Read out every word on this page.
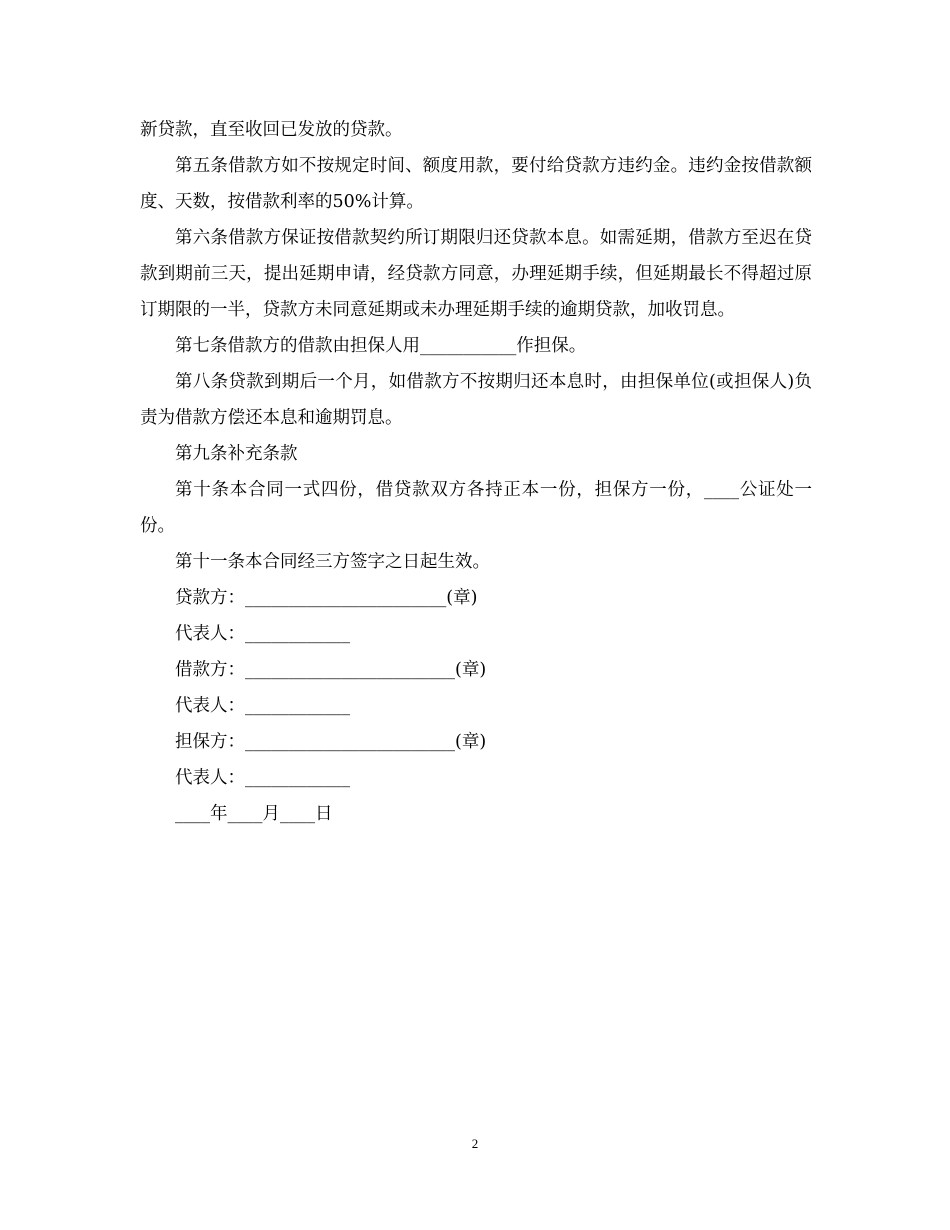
新贷款，直至收回已发放的贷款。

第五条借款方如不按规定时间、额度用款，要付给贷款方违约金。违约金按借款额度、天数，按借款利率的50%计算。

第六条借款方保证按借款契约所订期限归还贷款本息。如需延期，借款方至迟在贷款到期前三天，提出延期申请，经贷款方同意，办理延期手续，但延期最长不得超过原订期限的一半，贷款方未同意延期或未办理延期手续的逾期贷款，加收罚息。

第七条借款方的借款由担保人用___________作担保。

第八条贷款到期后一个月，如借款方不按期归还本息时，由担保单位(或担保人)负责为借款方偿还本息和逾期罚息。

第九条补充条款

第十条本合同一式四份，借贷款双方各持正本一份，担保方一份，____公证处一份。

第十一条本合同经三方签字之日起生效。

贷款方：_______________________(章)

代表人：____________

借款方：________________________(章)

代表人：____________

担保方：________________________(章)

代表人：____________

____年____月____日

2
